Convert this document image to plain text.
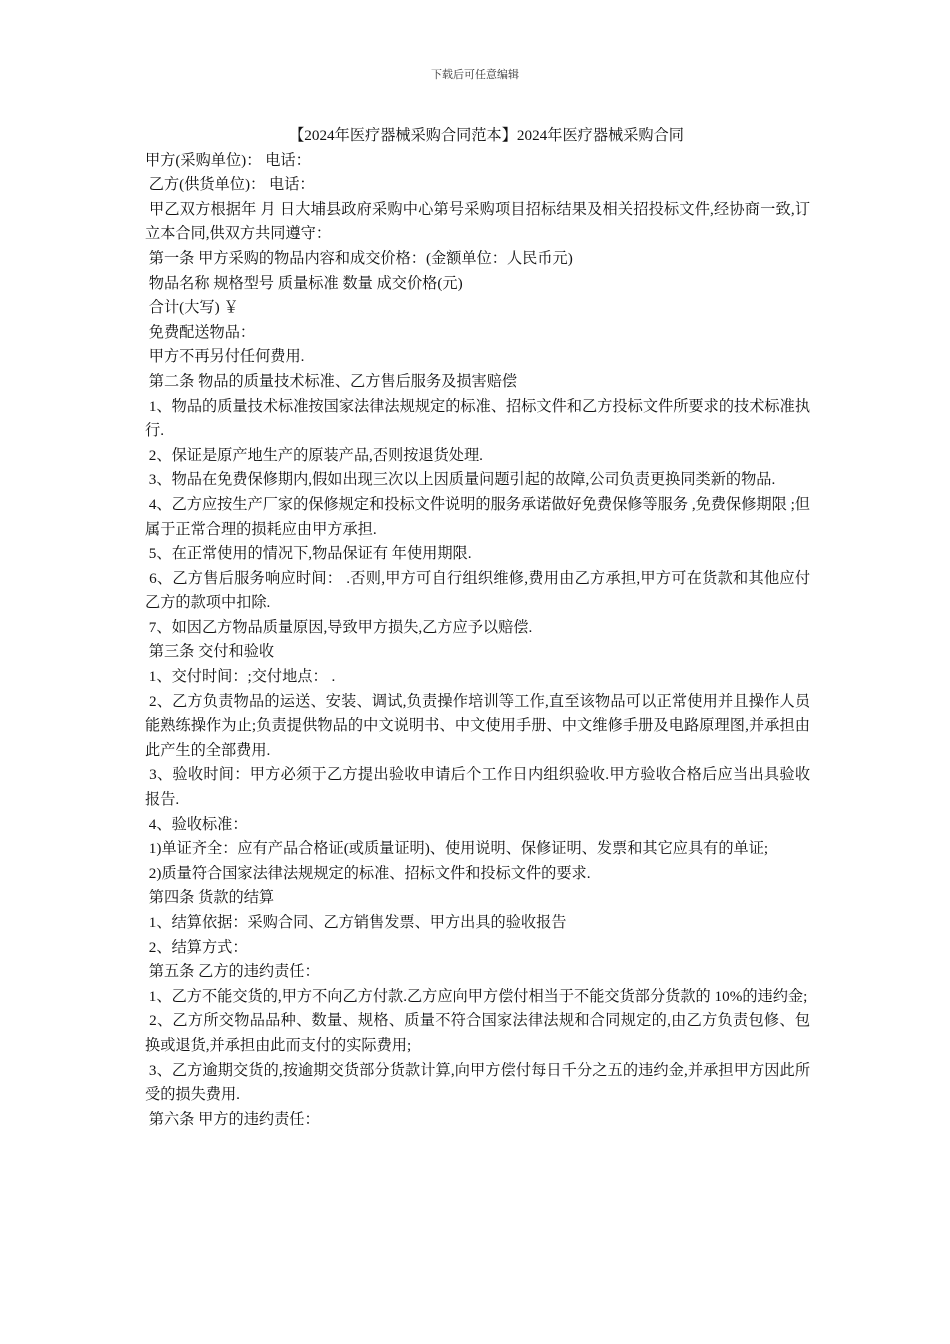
下载后可任意编辑

【2024年医疗器械采购合同范本】2024年医疗器械采购合同

甲方(采购单位)： 电话：

乙方(供货单位)： 电话：

甲乙双方根据年 月 日大埔县政府采购中心第号采购项目招标结果及相关招投标文件,经协商一致,订立本合同,供双方共同遵守：

第一条 甲方采购的物品内容和成交价格：(金额单位：人民币元)

物品名称 规格型号 质量标准 数量 成交价格(元)

合计(大写) ￥

免费配送物品：

甲方不再另付任何费用.

第二条 物品的质量技术标准、乙方售后服务及损害赔偿

1、物品的质量技术标准按国家法律法规规定的标准、招标文件和乙方投标文件所要求的技术标准执行.

2、保证是原产地生产的原装产品,否则按退货处理.

3、物品在免费保修期内,假如出现三次以上因质量问题引起的故障,公司负责更换同类新的物品.

4、乙方应按生产厂家的保修规定和投标文件说明的服务承诺做好免费保修等服务 ,免费保修期限 ;但属于正常合理的损耗应由甲方承担.

5、在正常使用的情况下,物品保证有 年使用期限.

6、乙方售后服务响应时间： .否则,甲方可自行组织维修,费用由乙方承担,甲方可在货款和其他应付乙方的款项中扣除.

7、如因乙方物品质量原因,导致甲方损失,乙方应予以赔偿.

第三条 交付和验收

1、交付时间：;交付地点： .

2、乙方负责物品的运送、安装、调试,负责操作培训等工作,直至该物品可以正常使用并且操作人员能熟练操作为止;负责提供物品的中文说明书、中文使用手册、中文维修手册及电路原理图,并承担由此产生的全部费用.

3、验收时间：甲方必须于乙方提出验收申请后个工作日内组织验收.甲方验收合格后应当出具验收报告.

4、验收标准：

1)单证齐全：应有产品合格证(或质量证明)、使用说明、保修证明、发票和其它应具有的单证;

2)质量符合国家法律法规规定的标准、招标文件和投标文件的要求.

第四条 货款的结算

1、结算依据：采购合同、乙方销售发票、甲方出具的验收报告

2、结算方式：

第五条 乙方的违约责任：

1、乙方不能交货的,甲方不向乙方付款.乙方应向甲方偿付相当于不能交货部分货款的 10%的违约金;

2、乙方所交物品品种、数量、规格、质量不符合国家法律法规和合同规定的,由乙方负责包修、包换或退货,并承担由此而支付的实际费用;

3、乙方逾期交货的,按逾期交货部分货款计算,向甲方偿付每日千分之五的违约金,并承担甲方因此所受的损失费用.

第六条 甲方的违约责任：
